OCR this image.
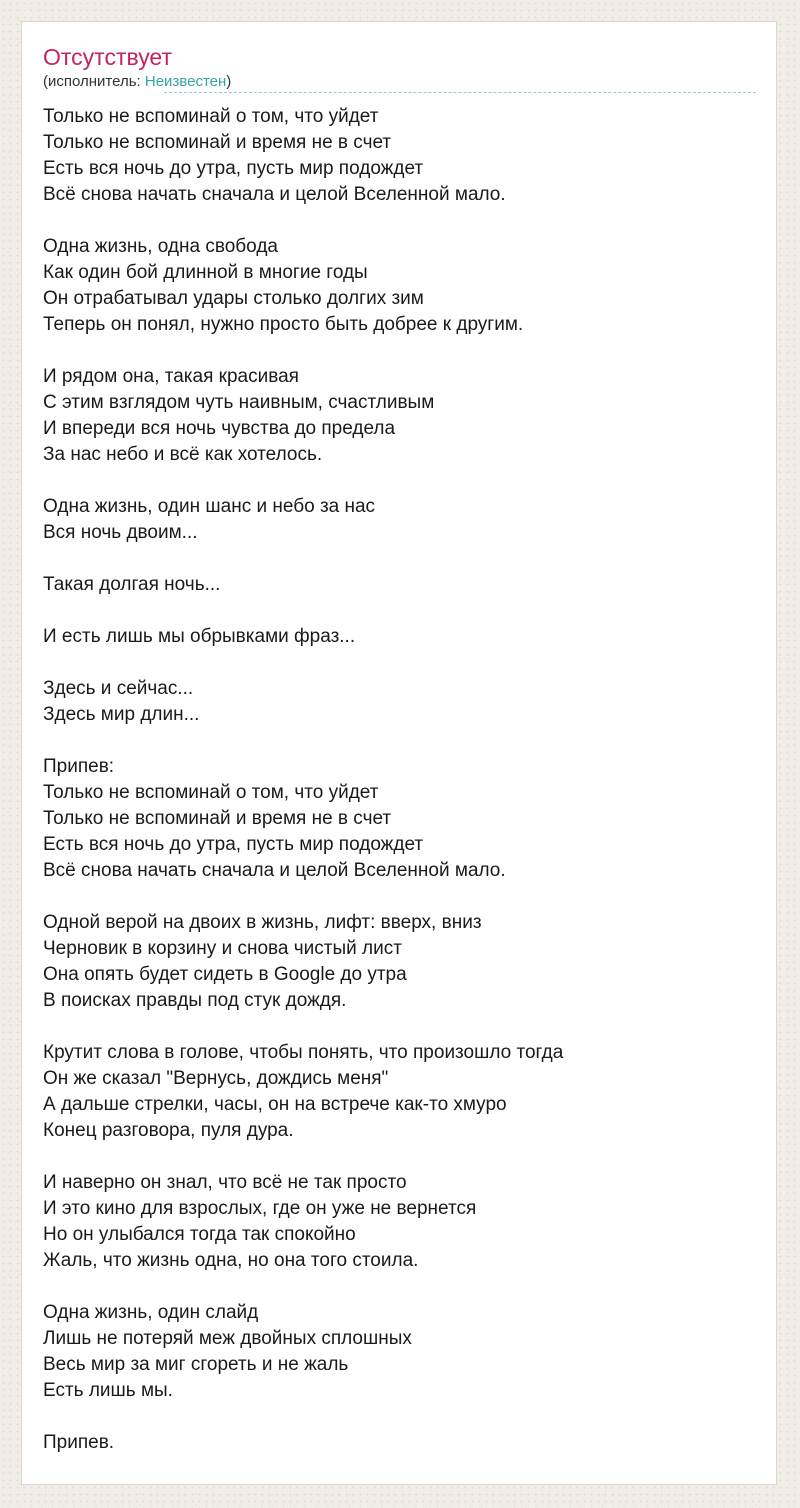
Отсутствует
(исполнитель: Неизвестен)
Только не вспоминай о том, что уйдет
Только не вспоминай и время не в счет
Есть вся ночь до утра, пусть мир подождет
Всё снова начать сначала и целой Вселенной мало.
Одна жизнь, одна свобода
Как один бой длинной в многие годы
Он отрабатывал удары столько долгих зим
Теперь он понял, нужно просто быть добрее к другим.
И рядом она, такая красивая
С этим взглядом чуть наивным, счастливым
И впереди вся ночь чувства до предела
За нас небо и всё как хотелось.
Одна жизнь, один шанс и небо за нас
Вся ночь двоим...
Такая долгая ночь...
И есть лишь мы обрывками фраз...
Здесь и сейчас...
Здесь мир длин...
Припев:
Только не вспоминай о том, что уйдет
Только не вспоминай и время не в счет
Есть вся ночь до утра, пусть мир подождет
Всё снова начать сначала и целой Вселенной мало.
Одной верой на двоих в жизнь, лифт: вверх, вниз
Черновик в корзину и снова чистый лист
Она опять будет сидеть в Google до утра
В поисках правды под стук дождя.
Крутит слова в голове, чтобы понять, что произошло тогда
Он же сказал "Вернусь, дождись меня"
А дальше стрелки, часы, он на встрече как-то хмуро
Конец разговора, пуля дура.
И наверно он знал, что всё не так просто
И это кино для взрослых, где он уже не вернется
Но он улыбался тогда так спокойно
Жаль, что жизнь одна, но она того стоила.
Одна жизнь, один слайд
Лишь не потеряй меж двойных сплошных
Весь мир за миг сгореть и не жаль
Есть лишь мы.
Припев.
